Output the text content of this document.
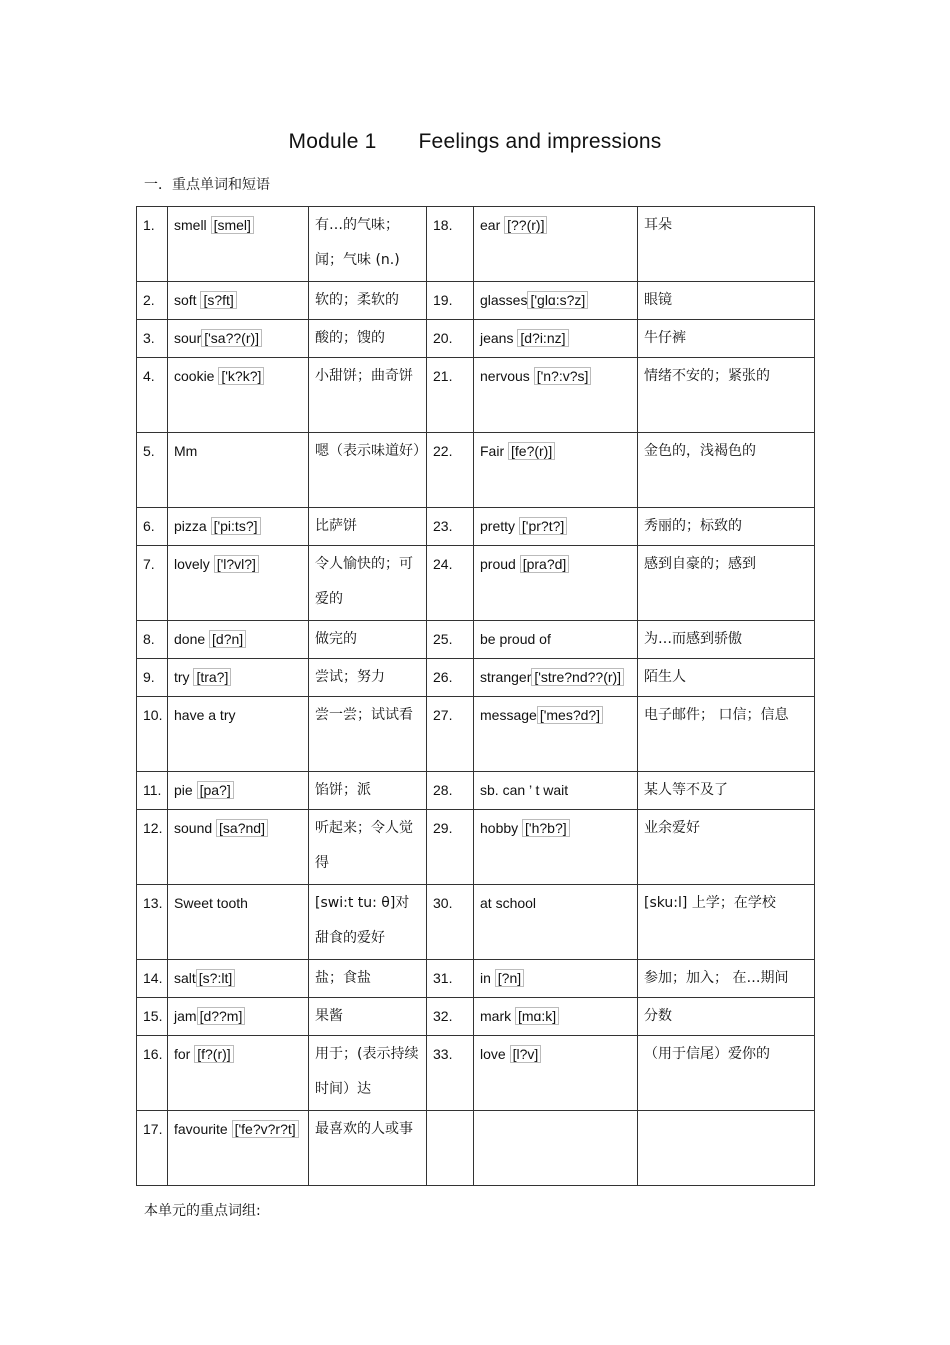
Module 1 Feelings and impressions
一．重点单词和短语
1.	smell [smel]	有…的气味；闻；气味 (n.)	18.	ear [??(r)]	耳朵

2.	soft [s?ft]	软的；柔软的	19.	glasses ['glɑ:s?z]	眼镜

3.	sour ['sa??(r)]	酸的；馊的	20.	jeans [d?i:nz]	牛仔裤

4.	cookie ['k?k?]	小甜饼；曲奇饼	21.	nervous ['n?:v?s]	情绪不安的；紧张的

5.	Mm	嗯（表示味道好）	22.	Fair [fe?(r)]	金色的，浅褐色的

6.	pizza ['pi:ts?]	比萨饼	23.	pretty ['pr?t?]	秀丽的；标致的

7.	lovely ['l?vl?]	令人愉快的；可爱的	24.	proud [pra?d]	感到自豪的；感到

8.	done [d?n]	做完的	25.	be proud of	为…而感到骄傲

9.	try [tra?]	尝试；努力	26.	stranger ['stre?nd??(r)]	陌生人

10.	have a try	尝一尝；试试看	27.	message ['mes?d?]	电子邮件； 口信；信息

11.	pie [pa?]	馅饼；派	28.	sb. can ’ t wait	某人等不及了

12.	sound [sa?nd]	听起来；令人觉得	29.	hobby ['h?b?]	业余爱好

13.	Sweet tooth	[swi:t tu: θ]对甜食的爱好	30.	at school	[sku:l] 上学；在学校

14.	salt [s?:lt]	盐；食盐	31.	in [?n]	参加；加入； 在…期间

15.	jam [d??m]	果酱	32.	mark [mɑ:k]	分数

16.	for [f?(r)]	用于；(表示持续时间）达	33.	love [l?v]	（用于信尾）爱你的

17.	favourite ['fe?v?r?t]	最喜欢的人或事			

本单元的重点词组:
